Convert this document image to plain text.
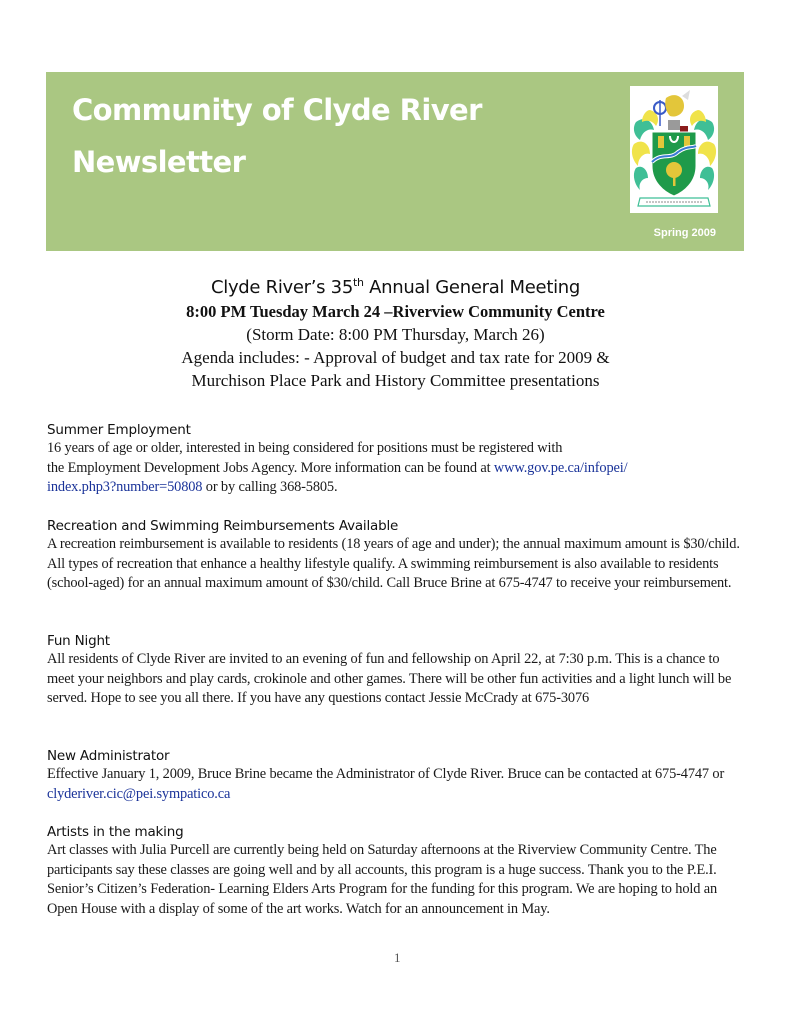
Community of Clyde River
Newsletter
Spring 2009
Clyde River’s 35th Annual General Meeting
8:00 PM Tuesday March 24 –Riverview Community Centre
(Storm Date: 8:00 PM Thursday, March 26)
Agenda includes: - Approval of budget and tax rate for 2009 &
Murchison Place Park and History Committee presentations
Summer Employment

16 years of age or older, interested in being considered for positions must be registered with
the Employment Development Jobs Agency. More information can be found at www.gov.pe.ca/infopei/
index.php3?number=50808 or by calling 368-5805.

Recreation and Swimming Reimbursements Available

A recreation reimbursement is available to residents (18 years of age and under); the annual maximum amount is $30/child. All types of recreation that enhance a healthy lifestyle qualify. A swimming reimbursement is also available to residents (school-aged) for an annual maximum amount of $30/child. Call Bruce Brine at 675-4747 to receive your reimbursement.

Fun Night

All residents of Clyde River are invited to an evening of fun and fellowship on April 22, at 7:30 p.m. This is a chance to meet your neighbors and play cards, crokinole and other games. There will be other fun activities and a light lunch will be served. Hope to see you all there. If you have any questions contact Jessie McCrady at 675-3076

New Administrator

Effective January 1, 2009, Bruce Brine became the Administrator of Clyde River. Bruce can be contacted at 675-4747 or clyderiver.cic@pei.sympatico.ca

Artists in the making

Art classes with Julia Purcell are currently being held on Saturday afternoons at the Riverview Community Centre. The participants say these classes are going well and by all accounts, this program is a huge success. Thank you to the P.E.I. Senior’s Citizen’s Federation- Learning Elders Arts Program for the funding for this program. We are hoping to hold an Open House with a display of some of the art works. Watch for an announcement in May.

1
